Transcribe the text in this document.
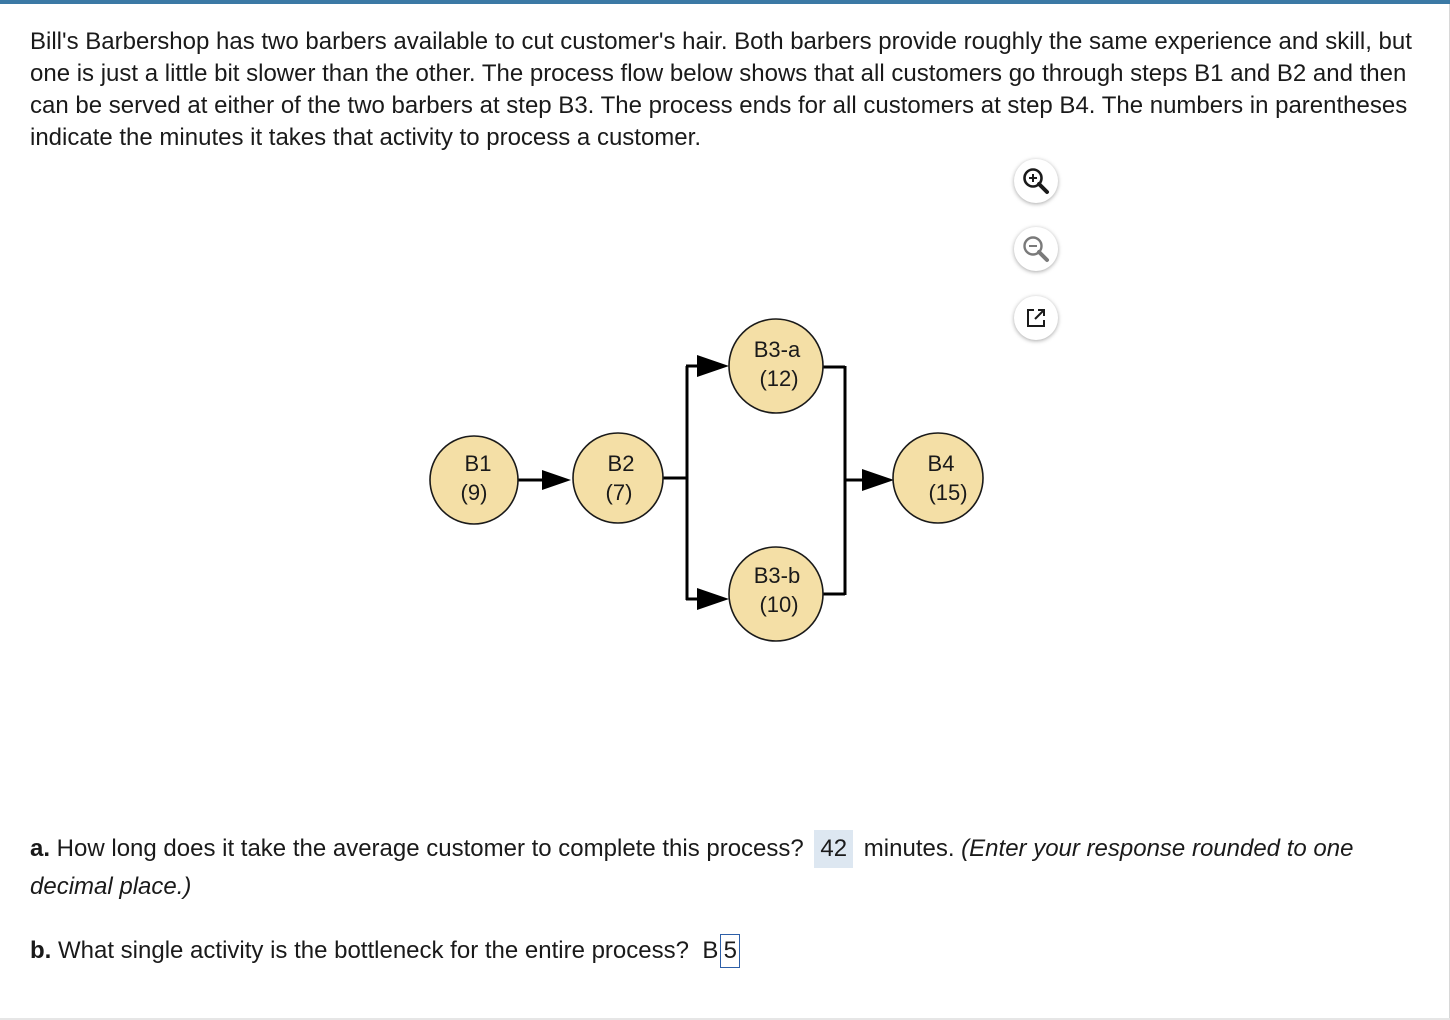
Bill's Barbershop has two barbers available to cut customer's hair. Both barbers provide roughly the same experience and skill, but one is just a little bit slower than the other. The process flow below shows that all customers go through steps B1 and B2 and then can be served at either of the two barbers at step B3. The process ends for all customers at step B4. The numbers in parentheses indicate the minutes it takes that activity to process a customer.

B1
(9)
B2
(7)
B3-a
(12)
B3-b
(10)
B4
(15)

a. How long does it take the average customer to complete this process? 42 minutes. (Enter your response rounded to one decimal place.)

b. What single activity is the bottleneck for the entire process? B 5
